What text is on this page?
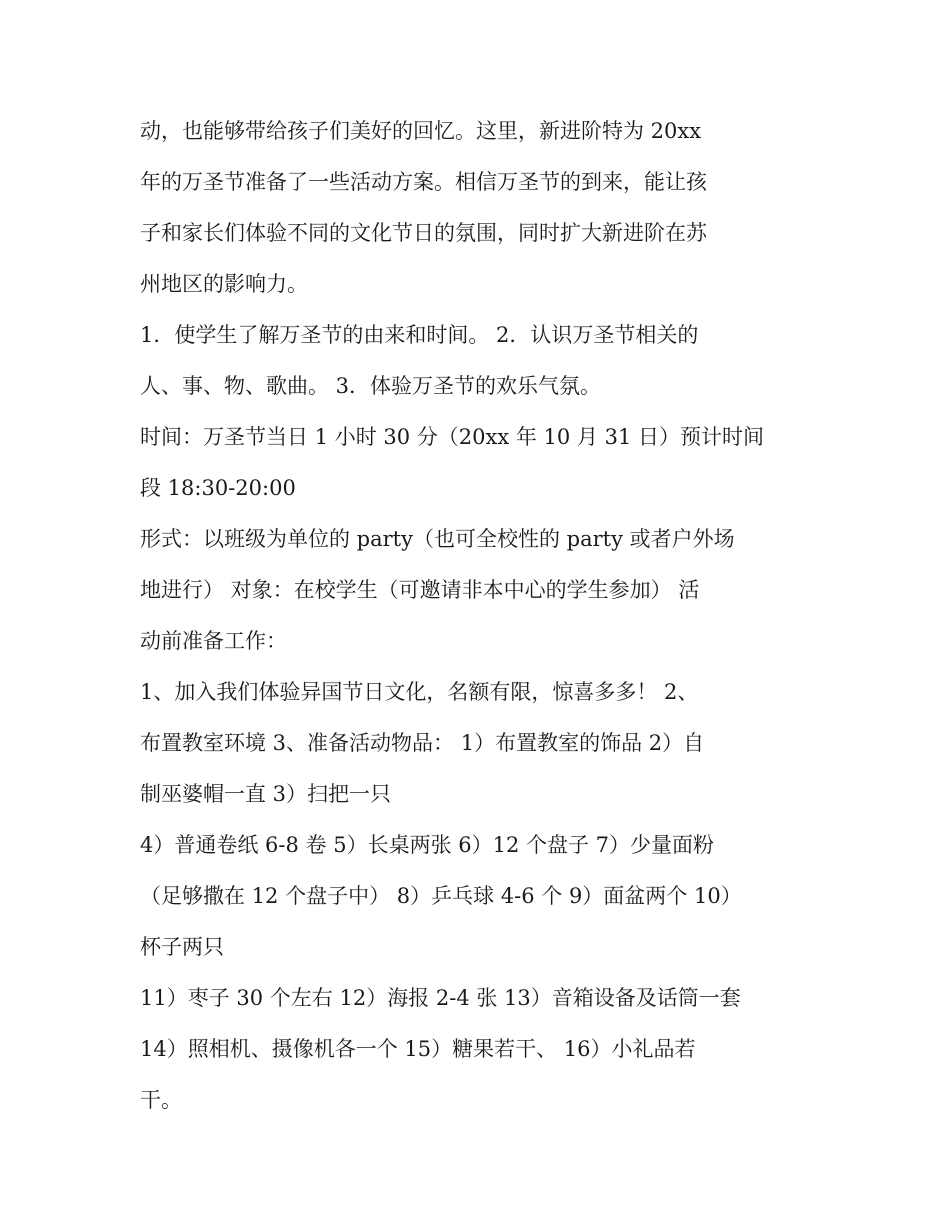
动，也能够带给孩子们美好的回忆。这里，新进阶特为 20xx
年的万圣节准备了一些活动方案。相信万圣节的到来，能让孩
子和家长们体验不同的文化节日的氛围，同时扩大新进阶在苏
州地区的影响力。
1．使学生了解万圣节的由来和时间。 2．认识万圣节相关的
人、事、物、歌曲。 3．体验万圣节的欢乐气氛。
时间：万圣节当日 1 小时 30 分（20xx 年 10 月 31 日）预计时间
段 18:30-20:00
形式：以班级为单位的 party（也可全校性的 party 或者户外场
地进行） 对象：在校学生（可邀请非本中心的学生参加） 活
动前准备工作：
1、加入我们体验异国节日文化，名额有限，惊喜多多！ 2、
布置教室环境 3、准备活动物品： 1）布置教室的饰品 2）自
制巫婆帽一直 3）扫把一只
4）普通卷纸 6-8 卷 5）长桌两张 6）12 个盘子 7）少量面粉
（足够撒在 12 个盘子中） 8）乒乓球 4-6 个 9）面盆两个 10）
杯子两只
11）枣子 30 个左右 12）海报 2-4 张 13）音箱设备及话筒一套
14）照相机、摄像机各一个 15）糖果若干、 16）小礼品若
干。
